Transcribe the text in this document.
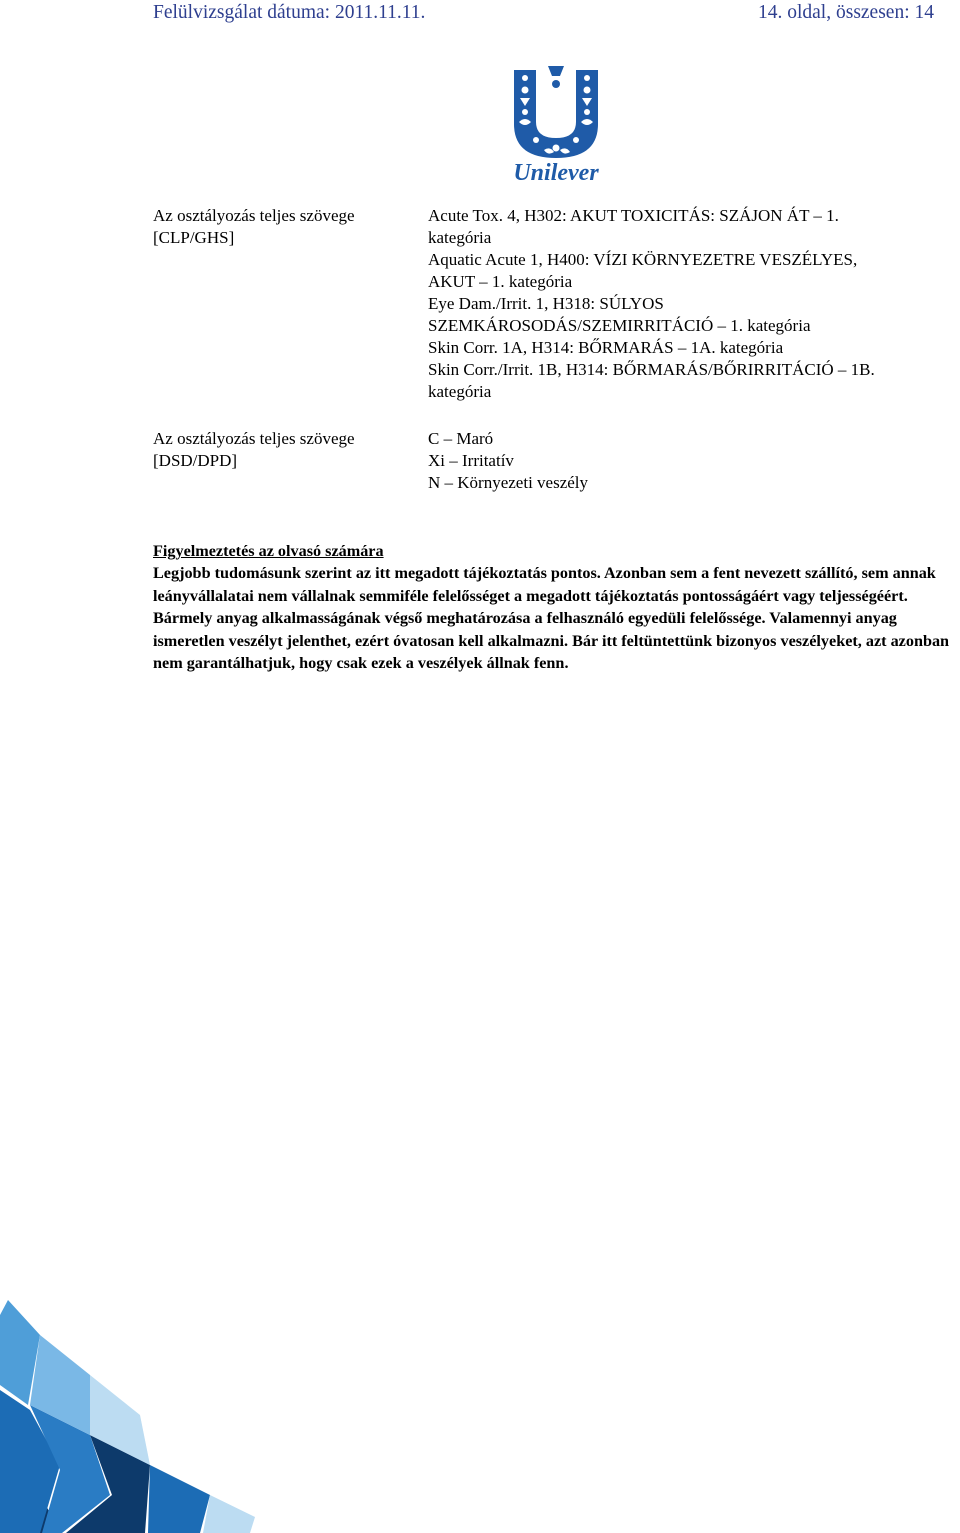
Felülvizsgálat dátuma: 2011.11.11.	14. oldal, összesen: 14
Unilever
Az osztályozás teljes szövege
[CLP/GHS]
Acute Tox. 4, H302: AKUT TOXICITÁS: SZÁJON ÁT – 1.
kategória
Aquatic Acute 1, H400: VÍZI KÖRNYEZETRE VESZÉLYES,
AKUT – 1. kategória
Eye Dam./Irrit. 1, H318: SÚLYOS
SZEMKÁROSODÁS/SZEMIRRITÁCIÓ – 1. kategória
Skin Corr. 1A, H314: BŐRMARÁS – 1A. kategória
Skin Corr./Irrit. 1B, H314: BŐRMARÁS/BŐRIRRITÁCIÓ – 1B.
kategória
Az osztályozás teljes szövege
[DSD/DPD]
C – Maró
Xi – Irritatív
N – Környezeti veszély
Figyelmeztetés az olvasó számára
Legjobb tudomásunk szerint az itt megadott tájékoztatás pontos. Azonban sem a fent nevezett szállító, sem annak leányvállalatai nem vállalnak semmiféle felelősséget a megadott tájékoztatás pontosságáért vagy teljességéért. Bármely anyag alkalmasságának végső meghatározása a felhasználó egyedüli felelőssége. Valamennyi anyag ismeretlen veszélyt jelenthet, ezért óvatosan kell alkalmazni. Bár itt feltüntettünk bizonyos veszélyeket, azt azonban nem garantálhatjuk, hogy csak ezek a veszélyek állnak fenn.
